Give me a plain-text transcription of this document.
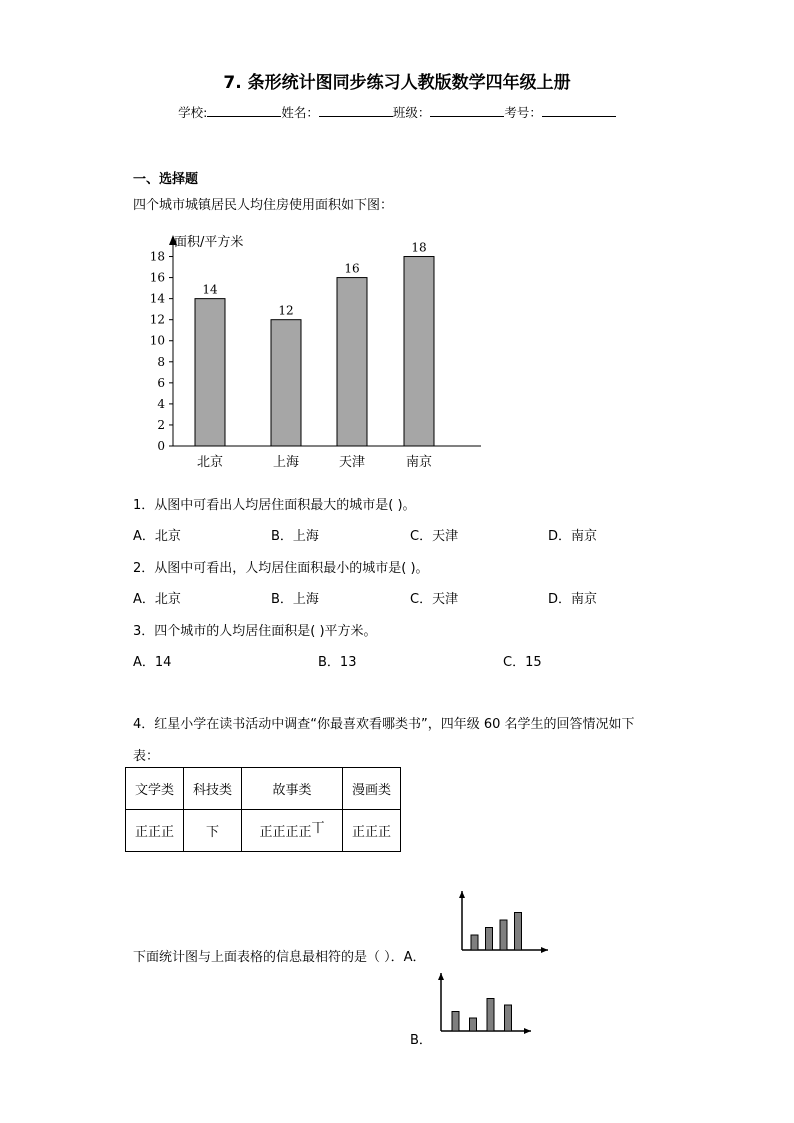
7. 条形统计图同步练习人教版数学四年级上册
学校:	姓名：	班级：	考号：
一、选择题
四个城市城镇居民人均住房使用面积如下图：
面积/平方米
0
2
4
6
8
10
12
14
16
18
14
北京
12
上海
16
天津
18
南京
1．从图中可看出人均居住面积最大的城市是( )。
A．北京	B．上海	C．天津	D．南京
2．从图中可看出，人均居住面积最小的城市是( )。
A．北京	B．上海	C．天津	D．南京
3．四个城市的人均居住面积是( )平方米。
A．14	B．13	C．15
4．红星小学在读书活动中调查“你最喜欢看哪类书”，四年级 60 名学生的回答情况如下
表：
文学类	科技类	故事类	漫画类
正正正	下	正正正正丅	正正正
下面统计图与上面表格的信息最相符的是（ ）．A．
B．
